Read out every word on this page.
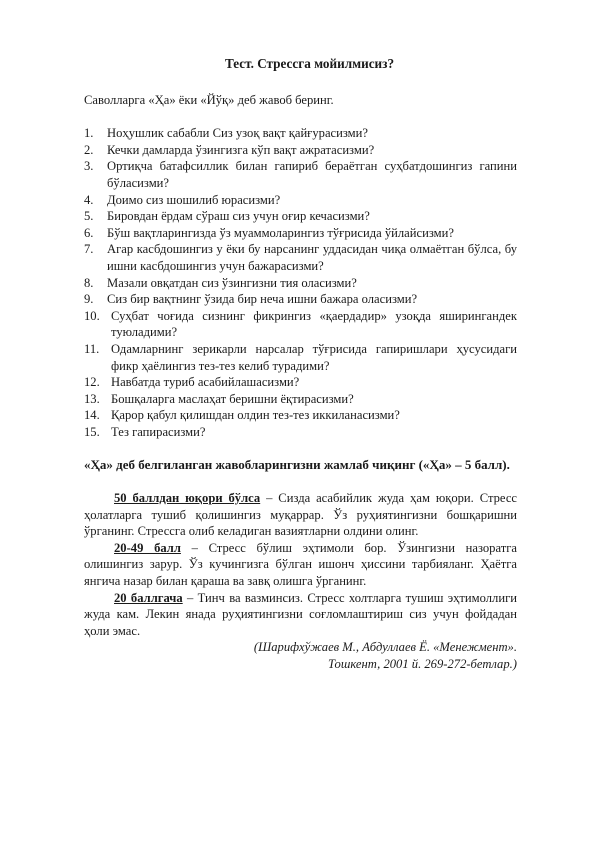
Тест. Стрессга мойилмисиз?
Саволларга «Ҳа» ёки «Йўқ» деб жавоб беринг.
1. Ноҳушлик сабабли Сиз узоқ вақт қайғурасизми?
2. Кечки дамларда ўзингизга кўп вақт ажратасизми?
3. Ортиқча батафсиллик билан гапириб бераётган суҳбатдошингиз гапини бўласизми?
4. Доимо сиз шошилиб юрасизми?
5. Бировдан ёрдам сўраш сиз учун оғир кечасизми?
6. Бўш вақтларингизда ўз муаммоларингиз тўғрисида ўйлайсизми?
7. Агар касбдошингиз у ёки бу нарсанинг уддасидан чиқа олмаётган бўлса, бу ишни касбдошингиз учун бажарасизми?
8. Мазали овқатдан сиз ўзингизни тия оласизми?
9. Сиз бир вақтнинг ўзида бир неча ишни бажара оласизми?
10. Суҳбат чоғида сизнинг фикрингиз «қаердадир» узоқда яширингандек туюладими?
11. Одамларнинг зерикарли нарсалар тўғрисида гапиришлари ҳусусидаги фикр ҳаёлингиз тез-тез келиб турадими?
12. Навбатда туриб асабийлашасизми?
13. Бошқаларга маслаҳат беришни ёқтирасизми?
14. Қарор қабул қилишдан олдин тез-тез иккиланасизми?
15. Тез гапирасизми?
«Ҳа» деб белгиланган жавобларингизни жамлаб чиқинг («Ҳа» – 5 балл).
50 баллдан юқори бўлса – Сизда асабийлик жуда ҳам юқори. Стресс ҳолатларга тушиб қолишингиз муқаррар. Ўз руҳиятингизни бошқаришни ўрганинг. Стрессга олиб келадиган вазиятларни олдини олинг.
20-49 балл – Стресс бўлиш эҳтимоли бор. Ўзингизни назоратга олишингиз зарур. Ўз кучингизга бўлган ишонч ҳиссини тарбияланг. Ҳаётга янгича назар билан қараша ва завқ олишга ўрганинг.
20 баллгача – Тинч ва вазминсиз. Стресс холтларга тушиш эҳтимоллиги жуда кам. Лекин янада руҳиятингизни соғломлаштириш сиз учун фойдадан ҳоли эмас.
(Шарифхўжаев М., Абдуллаев Ё. «Менежмент».
Тошкент, 2001 й. 269-272-бетлар.)
